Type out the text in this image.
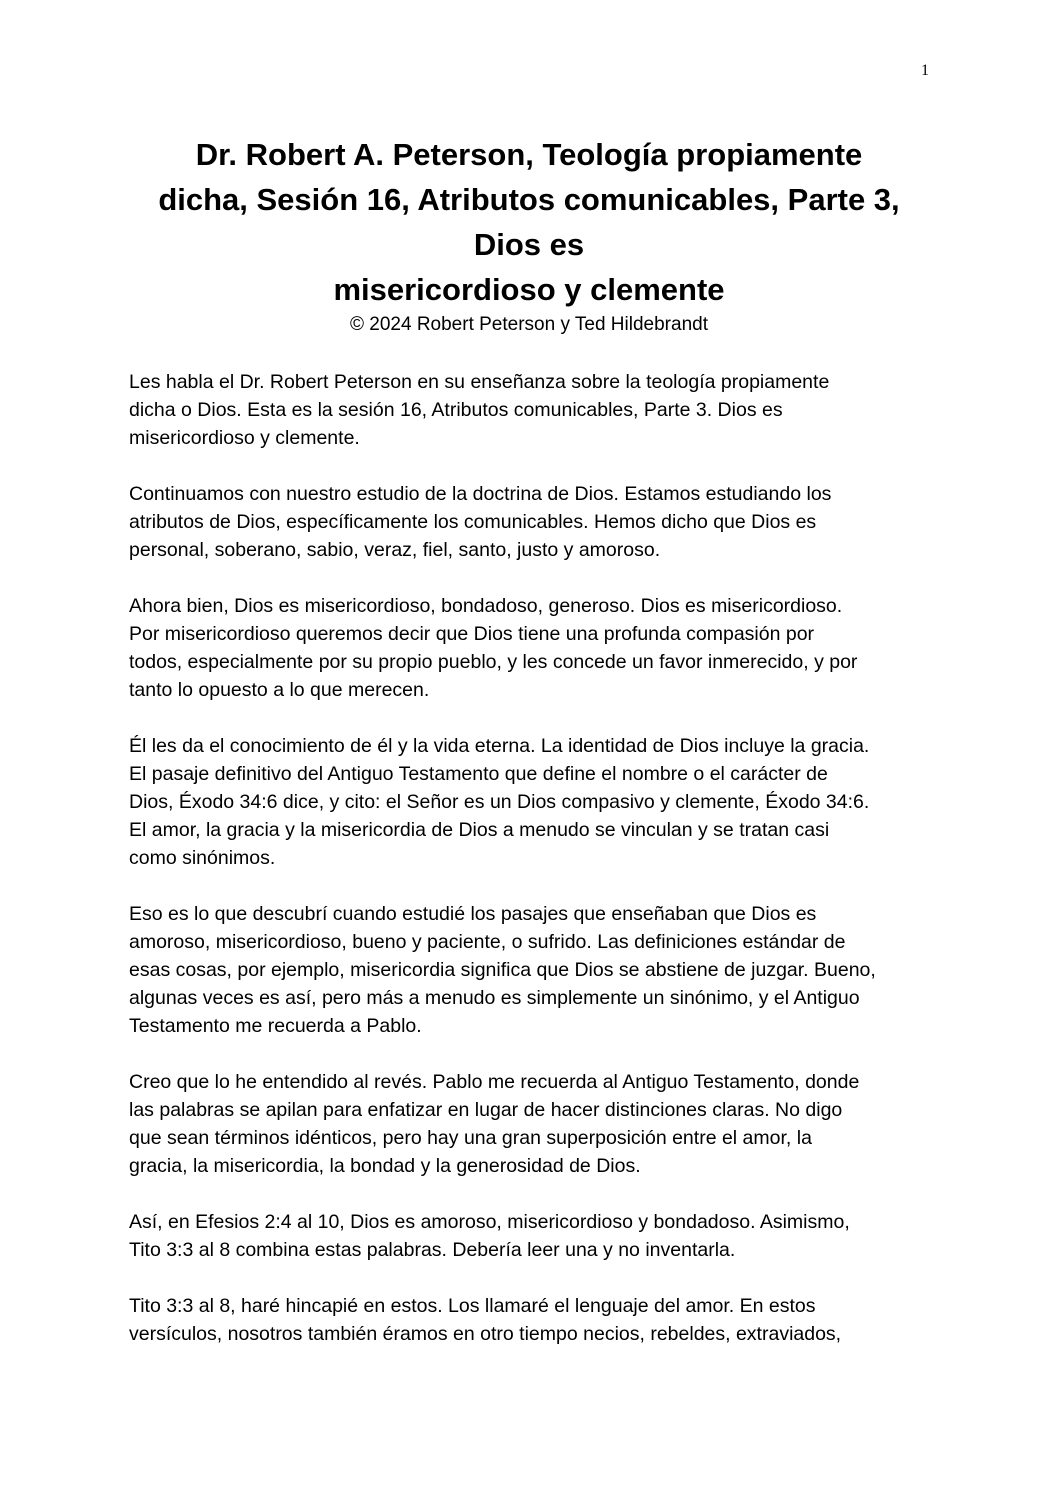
1
Dr. Robert A. Peterson, Teología propiamente
dicha, Sesión 16, Atributos comunicables, Parte 3,
Dios es
misericordioso y clemente
© 2024 Robert Peterson y Ted Hildebrandt

Les habla el Dr. Robert Peterson en su enseñanza sobre la teología propiamente
dicha o Dios. Esta es la sesión 16, Atributos comunicables, Parte 3. Dios es
misericordioso y clemente.

Continuamos con nuestro estudio de la doctrina de Dios. Estamos estudiando los
atributos de Dios, específicamente los comunicables. Hemos dicho que Dios es
personal, soberano, sabio, veraz, fiel, santo, justo y amoroso.

Ahora bien, Dios es misericordioso, bondadoso, generoso. Dios es misericordioso.
Por misericordioso queremos decir que Dios tiene una profunda compasión por
todos, especialmente por su propio pueblo, y les concede un favor inmerecido, y por
tanto lo opuesto a lo que merecen.

Él les da el conocimiento de él y la vida eterna. La identidad de Dios incluye la gracia.
El pasaje definitivo del Antiguo Testamento que define el nombre o el carácter de
Dios, Éxodo 34:6 dice, y cito: el Señor es un Dios compasivo y clemente, Éxodo 34:6.
El amor, la gracia y la misericordia de Dios a menudo se vinculan y se tratan casi
como sinónimos.

Eso es lo que descubrí cuando estudié los pasajes que enseñaban que Dios es
amoroso, misericordioso, bueno y paciente, o sufrido. Las definiciones estándar de
esas cosas, por ejemplo, misericordia significa que Dios se abstiene de juzgar. Bueno,
algunas veces es así, pero más a menudo es simplemente un sinónimo, y el Antiguo
Testamento me recuerda a Pablo.

Creo que lo he entendido al revés. Pablo me recuerda al Antiguo Testamento, donde
las palabras se apilan para enfatizar en lugar de hacer distinciones claras. No digo
que sean términos idénticos, pero hay una gran superposición entre el amor, la
gracia, la misericordia, la bondad y la generosidad de Dios.

Así, en Efesios 2:4 al 10, Dios es amoroso, misericordioso y bondadoso. Asimismo,
Tito 3:3 al 8 combina estas palabras. Debería leer una y no inventarla.

Tito 3:3 al 8, haré hincapié en estos. Los llamaré el lenguaje del amor. En estos
versículos, nosotros también éramos en otro tiempo necios, rebeldes, extraviados,
